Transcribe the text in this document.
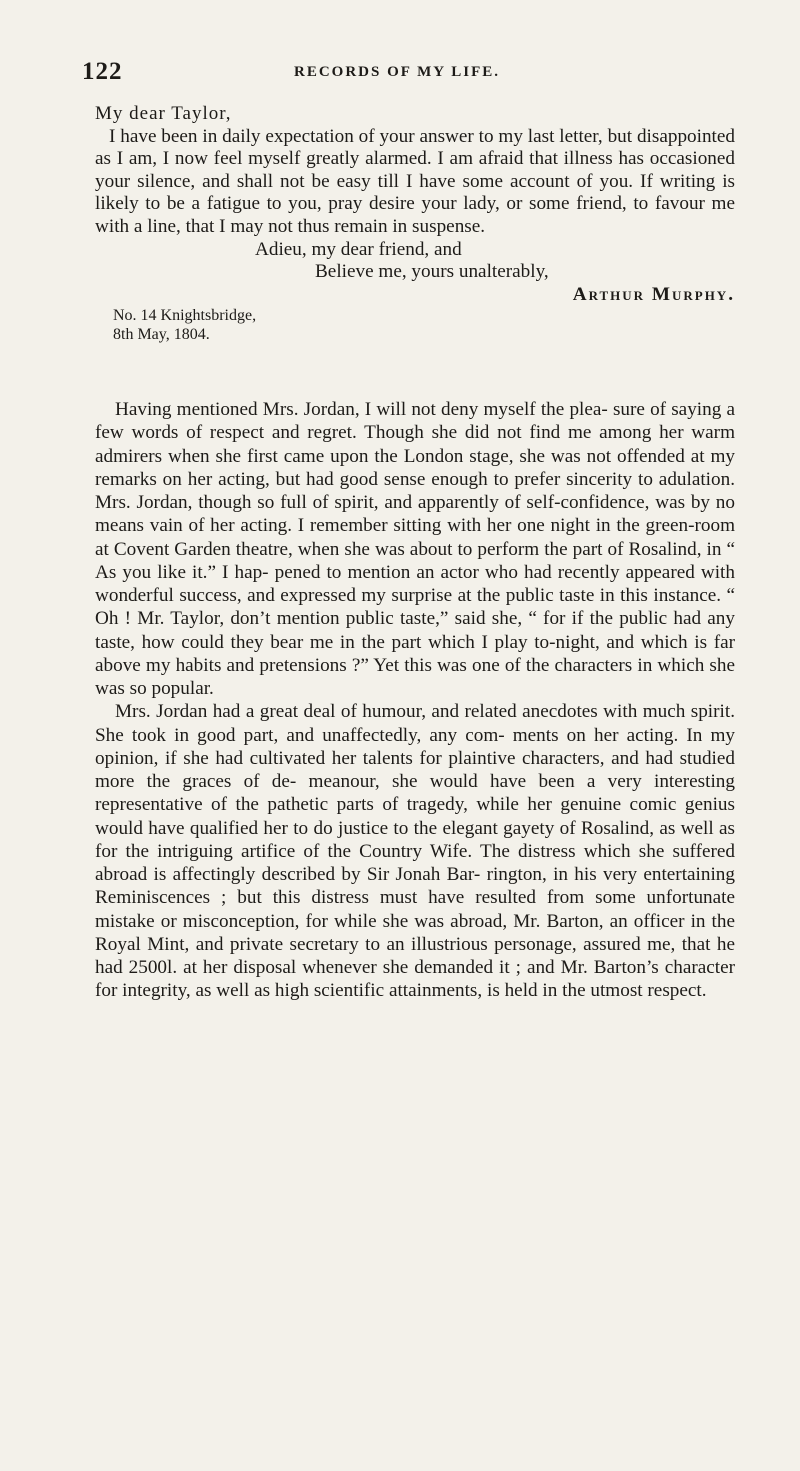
122	RECORDS OF MY LIFE.

My dear Taylor,

I have been in daily expectation of your answer to my last letter, but disappointed as I am, I now feel myself greatly alarmed. I am afraid that illness has occasioned your silence, and shall not be easy till I have some account of you. If writing is likely to be a fatigue to you, pray desire your lady, or some friend, to favour me with a line, that I may not thus remain in suspense.

Adieu, my dear friend, and

Believe me, yours unalterably,

Arthur Murphy.

No. 14 Knightsbridge,

8th May, 1804.

Having mentioned Mrs. Jordan, I will not deny myself the plea- sure of saying a few words of respect and regret. Though she did not find me among her warm admirers when she first came upon the London stage, she was not offended at my remarks on her acting, but had good sense enough to prefer sincerity to adulation. Mrs. Jordan, though so full of spirit, and apparently of self-confidence, was by no means vain of her acting. I remember sitting with her one night in the green-room at Covent Garden theatre, when she was about to perform the part of Rosalind, in “ As you like it.” I hap- pened to mention an actor who had recently appeared with wonderful success, and expressed my surprise at the public taste in this instance. “ Oh ! Mr. Taylor, don’t mention public taste,” said she, “ for if the public had any taste, how could they bear me in the part which I play to-night, and which is far above my habits and pretensions ?” Yet this was one of the characters in which she was so popular.

Mrs. Jordan had a great deal of humour, and related anecdotes with much spirit. She took in good part, and unaffectedly, any com- ments on her acting. In my opinion, if she had cultivated her talents for plaintive characters, and had studied more the graces of de- meanour, she would have been a very interesting representative of the pathetic parts of tragedy, while her genuine comic genius would have qualified her to do justice to the elegant gayety of Rosalind, as well as for the intriguing artifice of the Country Wife. The distress which she suffered abroad is affectingly described by Sir Jonah Bar- rington, in his very entertaining Reminiscences ; but this distress must have resulted from some unfortunate mistake or misconception, for while she was abroad, Mr. Barton, an officer in the Royal Mint, and private secretary to an illustrious personage, assured me, that he had 2500l. at her disposal whenever she demanded it ; and Mr. Barton’s character for integrity, as well as high scientific attainments, is held in the utmost respect.
